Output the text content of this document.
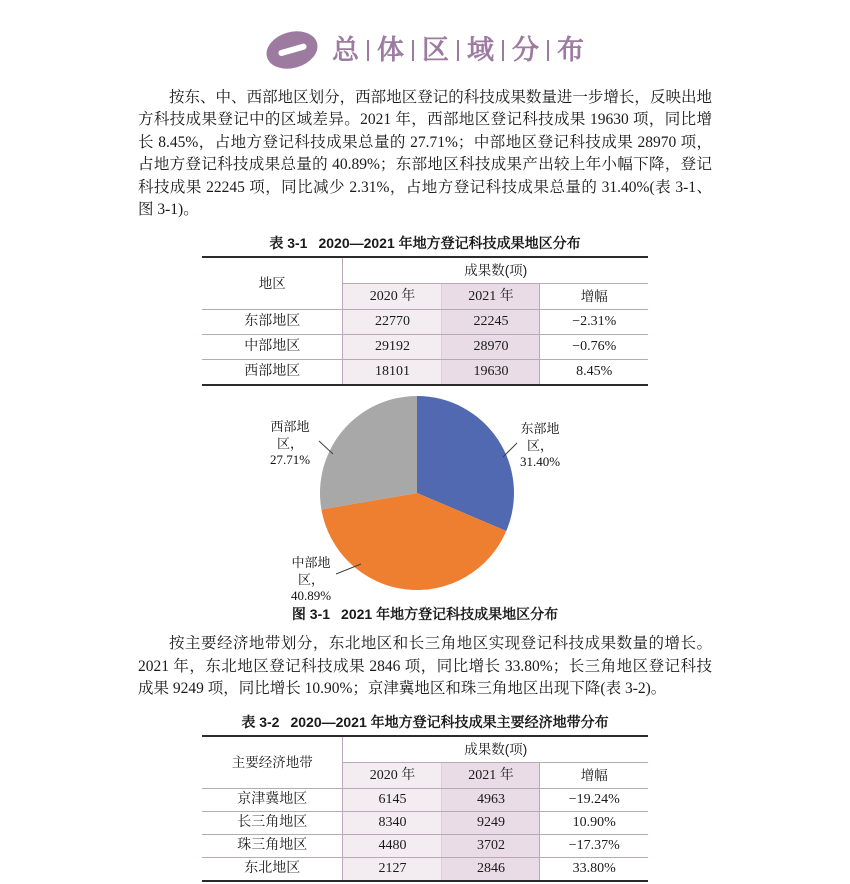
总 体 区 域 分 布

按东、中、西部地区划分，西部地区登记的科技成果数量进一步增长，反映出地方科技成果登记中的区域差异。2021 年，西部地区登记科技成果 19630 项，同比增长 8.45%，占地方登记科技成果总量的 27.71%；中部地区登记科技成果 28970 项，占地方登记科技成果总量的 40.89%；东部地区科技成果产出较上年小幅下降，登记科技成果 22245 项，同比减少 2.31%，占地方登记科技成果总量的 31.40%(表 3-1、图 3-1)。

表 3-1 2020—2021 年地方登记科技成果地区分布
地区	成果数(项)		
	2020 年	2021 年	增幅
东部地区	22770	22245	−2.31%
中部地区	29192	28970	−0.76%
西部地区	18101	19630	8.45%
东部地区，
31.40%
中部地区，
40.89%
西部地区，
27.71%
图 3-1 2021 年地方登记科技成果地区分布

按主要经济地带划分，东北地区和长三角地区实现登记科技成果数量的增长。2021 年，东北地区登记科技成果 2846 项，同比增长 33.80%；长三角地区登记科技成果 9249 项，同比增长 10.90%；京津冀地区和珠三角地区出现下降(表 3-2)。

表 3-2 2020—2021 年地方登记科技成果主要经济地带分布
主要经济地带	成果数(项)		
	2020 年	2021 年	增幅
京津冀地区	6145	4963	−19.24%
长三角地区	8340	9249	10.90%
珠三角地区	4480	3702	−17.37%
东北地区	2127	2846	33.80%
